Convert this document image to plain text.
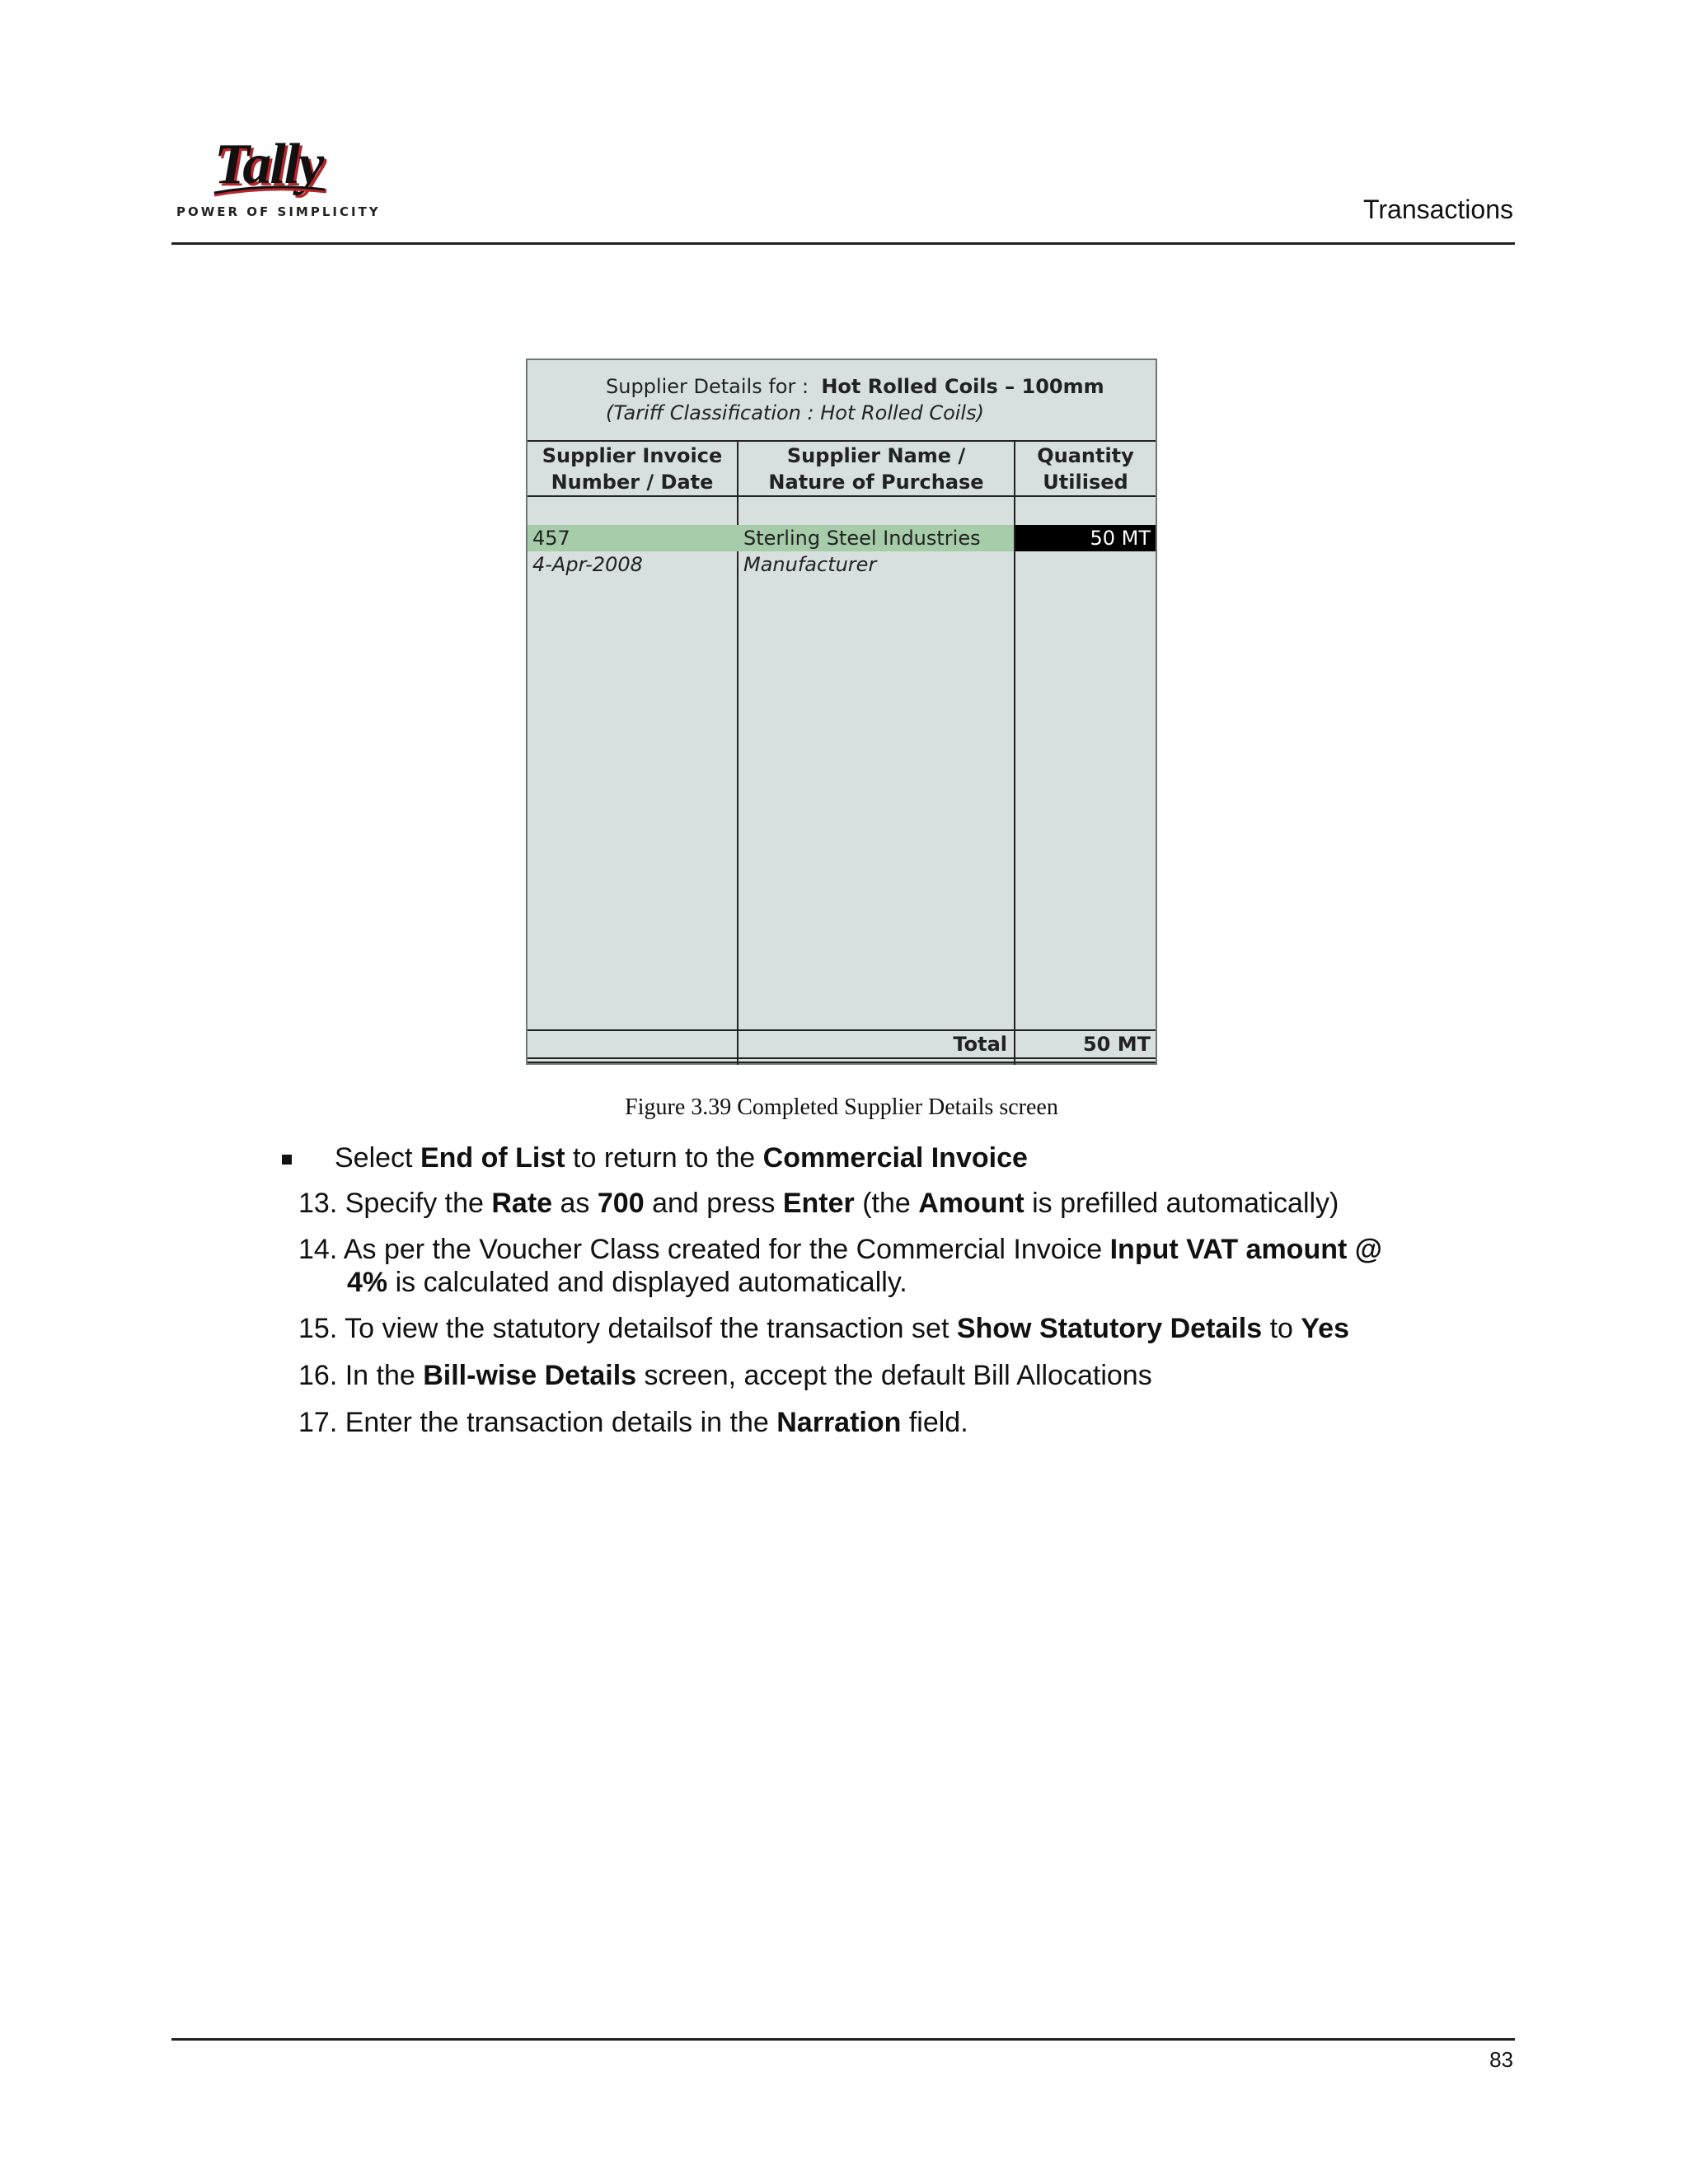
Tally
POWER OF SIMPLICITY	Transactions
Supplier Details for : Hot Rolled Coils – 100mm
(Tariff Classification : Hot Rolled Coils)
Supplier Invoice
Number / Date
Supplier Name /
Nature of Purchase
Quantity
Utilised
457
4-Apr-2008
Sterling Steel Industries
Manufacturer
50 MT
Total	50 MT
Figure 3.39 Completed Supplier Details screen
Select End of List to return to the Commercial Invoice
13. Specify the Rate as 700 and press Enter (the Amount is prefilled automatically)
14. As per the Voucher Class created for the Commercial Invoice Input VAT amount @
4% is calculated and displayed automatically.
15. To view the statutory detailsof the transaction set Show Statutory Details to Yes
16. In the Bill-wise Details screen, accept the default Bill Allocations
17. Enter the transaction details in the Narration field.
83
